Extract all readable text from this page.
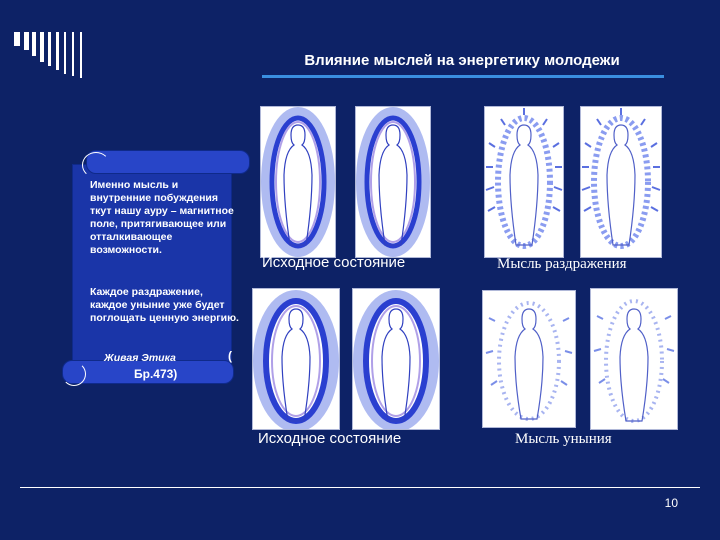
Влияние мыслей на энергетику молодежи
Именно мысль и внутренние побуждения ткут нашу ауру – магнитное поле, притягивающее или отталкивающее возможности.
Каждое раздражение, каждое уныние уже будет поглощать ценную энергию.
Живая Этика	(
Бр.473)
Исходное состояние	Мысль раздражения
Исходное состояние	Мысль уныния
10
